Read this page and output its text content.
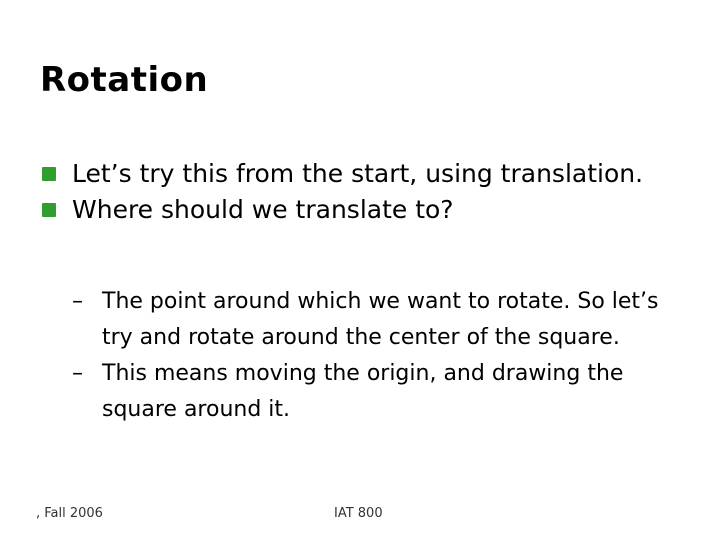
Rotation
Let’s try this from the start, using translation.
Where should we translate to?
– The point around which we want to rotate. So let’s try and rotate around the center of the square.
– This means moving the origin, and drawing the square around it.
, Fall 2006	IAT 800
